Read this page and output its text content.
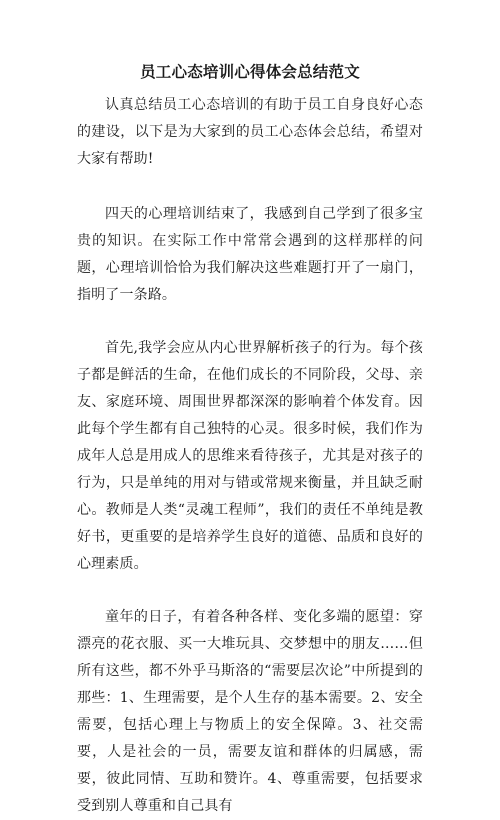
员工心态培训心得体会总结范文

认真总结员工心态培训的有助于员工自身良好心态的建设，以下是为大家到的员工心态体会总结，希望对大家有帮助!

四天的心理培训结束了，我感到自己学到了很多宝贵的知识。在实际工作中常常会遇到的这样那样的问题，心理培训恰恰为我们解决这些难题打开了一扇门，指明了一条路。

首先,我学会应从内心世界解析孩子的行为。每个孩子都是鲜活的生命，在他们成长的不同阶段，父母、亲友、家庭环境、周围世界都深深的影响着个体发育。因此每个学生都有自己独特的心灵。很多时候，我们作为成年人总是用成人的思维来看待孩子，尤其是对孩子的行为，只是单纯的用对与错或常规来衡量，并且缺乏耐心。教师是人类“灵魂工程师”，我们的责任不单纯是教好书，更重要的是培养学生良好的道德、品质和良好的心理素质。

童年的日子，有着各种各样、变化多端的愿望：穿漂亮的花衣服、买一大堆玩具、交梦想中的朋友……但所有这些，都不外乎马斯洛的“需要层次论”中所提到的那些：1、生理需要，是个人生存的基本需要。2、安全需要，包括心理上与物质上的安全保障。3、社交需要，人是社会的一员，需要友谊和群体的归属感，需要，彼此同情、互助和赞许。4、尊重需要，包括要求受到别人尊重和自己具有
